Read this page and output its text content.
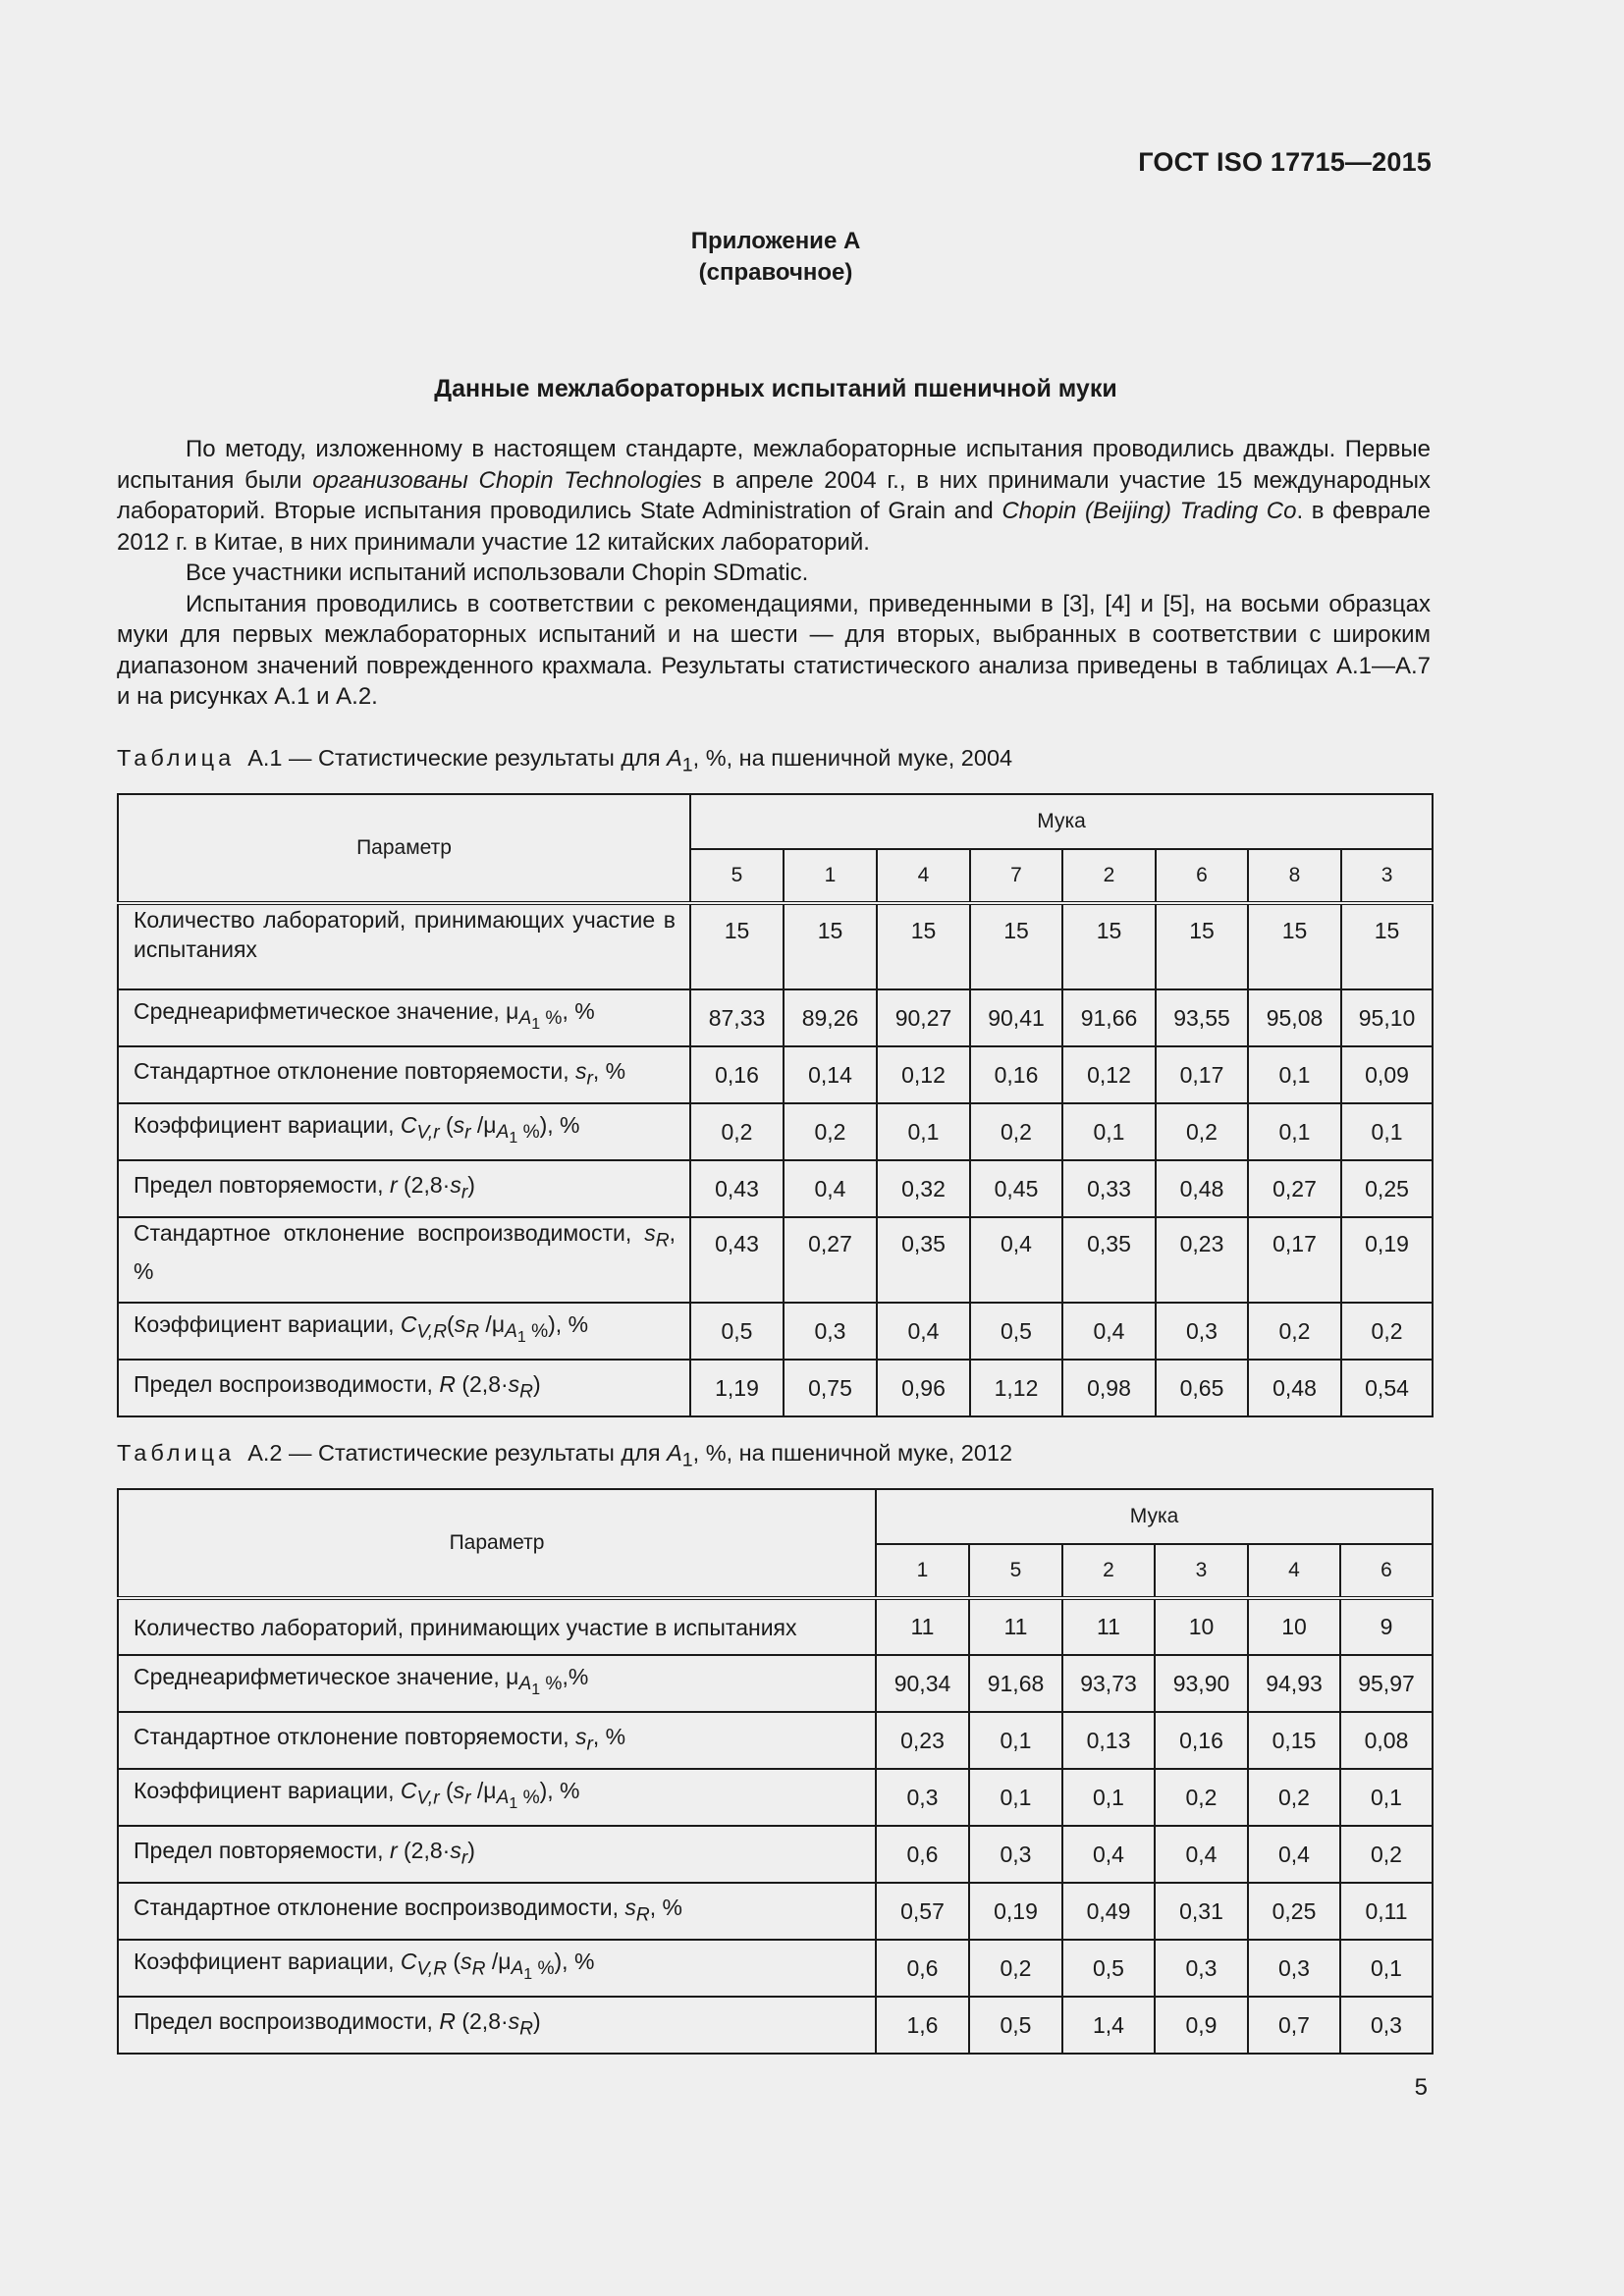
ГОСТ ISO 17715—2015
Приложение А
(справочное)
Данные межлабораторных испытаний пшеничной муки

По методу, изложенному в настоящем стандарте, межлабораторные испытания проводились дважды. Первые испытания были организованы Chopin Technologies в апреле 2004 г., в них принимали участие 15 международных лабораторий. Вторые испытания проводились State Administration of Grain and Chopin (Beijing) Trading Co. в феврале 2012 г. в Китае, в них принимали участие 12 китайских лабораторий.

Все участники испытаний использовали Chopin SDmatic.

Испытания проводились в соответствии с рекомендациями, приведенными в [3], [4] и [5], на восьми образцах муки для первых межлабораторных испытаний и на шести — для вторых, выбранных в соответствии с широким диапазоном значений поврежденного крахмала. Результаты статистического анализа приведены в таблицах А.1—А.7 и на рисунках А.1 и А.2.

Таблица А.1 — Статистические результаты для $A_1$, %, на пшеничной муке, 2004
Параметр	Мука							
	5	1	4	7	2	6	8	3
Количество лабораторий, принимающих участие в испытаниях	15	15	15	15	15	15	15	15
Среднеарифметическое значение, $\mu_{A_1 \%}$, %	87,33	89,26	90,27	90,41	91,66	93,55	95,08	95,10
Стандартное отклонение повторяемости, $s_r$, %	0,16	0,14	0,12	0,16	0,12	0,17	0,1	0,09
Коэффициент вариации, $C_{V,r}$ ($s_r$ $/\mu_{A_1 \%}$), %	0,2	0,2	0,1	0,2	0,1	0,2	0,1	0,1
Предел повторяемости, r $(2,8\cdot s_r)$	0,43	0,4	0,32	0,45	0,33	0,48	0,27	0,25
Стандартное отклонение воспроизводимости, $s_R$, %	0,43	0,27	0,35	0,4	0,35	0,23	0,17	0,19
Коэффициент вариации, $C_{V,R}(s_R$ $/\mu_{A_1 \%}$), %	0,5	0,3	0,4	0,5	0,4	0,3	0,2	0,2
Предел воспроизводимости, R $(2,8\cdot s_R)$	1,19	0,75	0,96	1,12	0,98	0,65	0,48	0,54
Таблица А.2 — Статистические результаты для $A_1$, %, на пшеничной муке, 2012
Параметр	Мука					
	1	5	2	3	4	6
Количество лабораторий, принимающих участие в испытаниях	11	11	11	10	10	9
Среднеарифметическое значение, $\mu_{A_1 \%},\%$	90,34	91,68	93,73	93,90	94,93	95,97
Стандартное отклонение повторяемости, $s_r$, %	0,23	0,1	0,13	0,16	0,15	0,08
Коэффициент вариации, $C_{V,r}$ ($s_r$ $/\mu_{A_1 \%}$), %	0,3	0,1	0,1	0,2	0,2	0,1
Предел повторяемости, r $(2,8\cdot s_r)$	0,6	0,3	0,4	0,4	0,4	0,2
Стандартное отклонение воспроизводимости, $s_R$, %	0,57	0,19	0,49	0,31	0,25	0,11
Коэффициент вариации, $C_{V,R}$ ($s_R$ $/\mu_{A_1 \%}$), %	0,6	0,2	0,5	0,3	0,3	0,1
Предел воспроизводимости, R $(2,8\cdot s_R)$	1,6	0,5	1,4	0,9	0,7	0,3
5
